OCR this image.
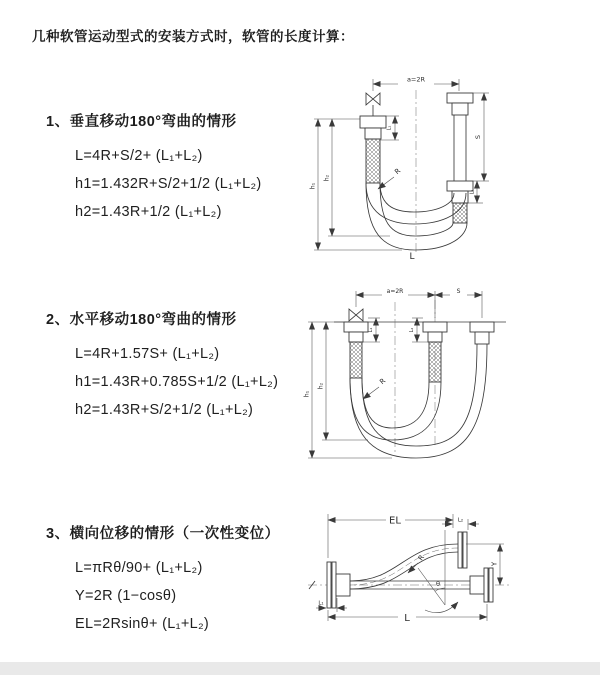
几种软管运动型式的安装方式时，软管的长度计算：
1、垂直移动180°弯曲的情形
L=4R+S/2+ (L₁+L₂)
h1=1.432R+S/2+1/2 (L₁+L₂)
h2=1.43R+1/2 (L₁+L₂)
2、水平移动180°弯曲的情形
L=4R+1.57S+ (L₁+L₂)
h1=1.43R+0.785S+1/2 (L₁+L₂)
h2=1.43R+S/2+1/2 (L₁+L₂)
3、横向位移的情形（一次性变位）
L=πRθ/90+ (L₁+L₂)
Y=2R (1−cosθ)
EL=2Rsinθ+ (L₁+L₂)
a=2R
L₁
S
L₂
h₁
h₂
R
L
a=2R	S
h₁
h₂
L₁	L₂
R
EL	L₂
Y
L
L₁
R
θ
